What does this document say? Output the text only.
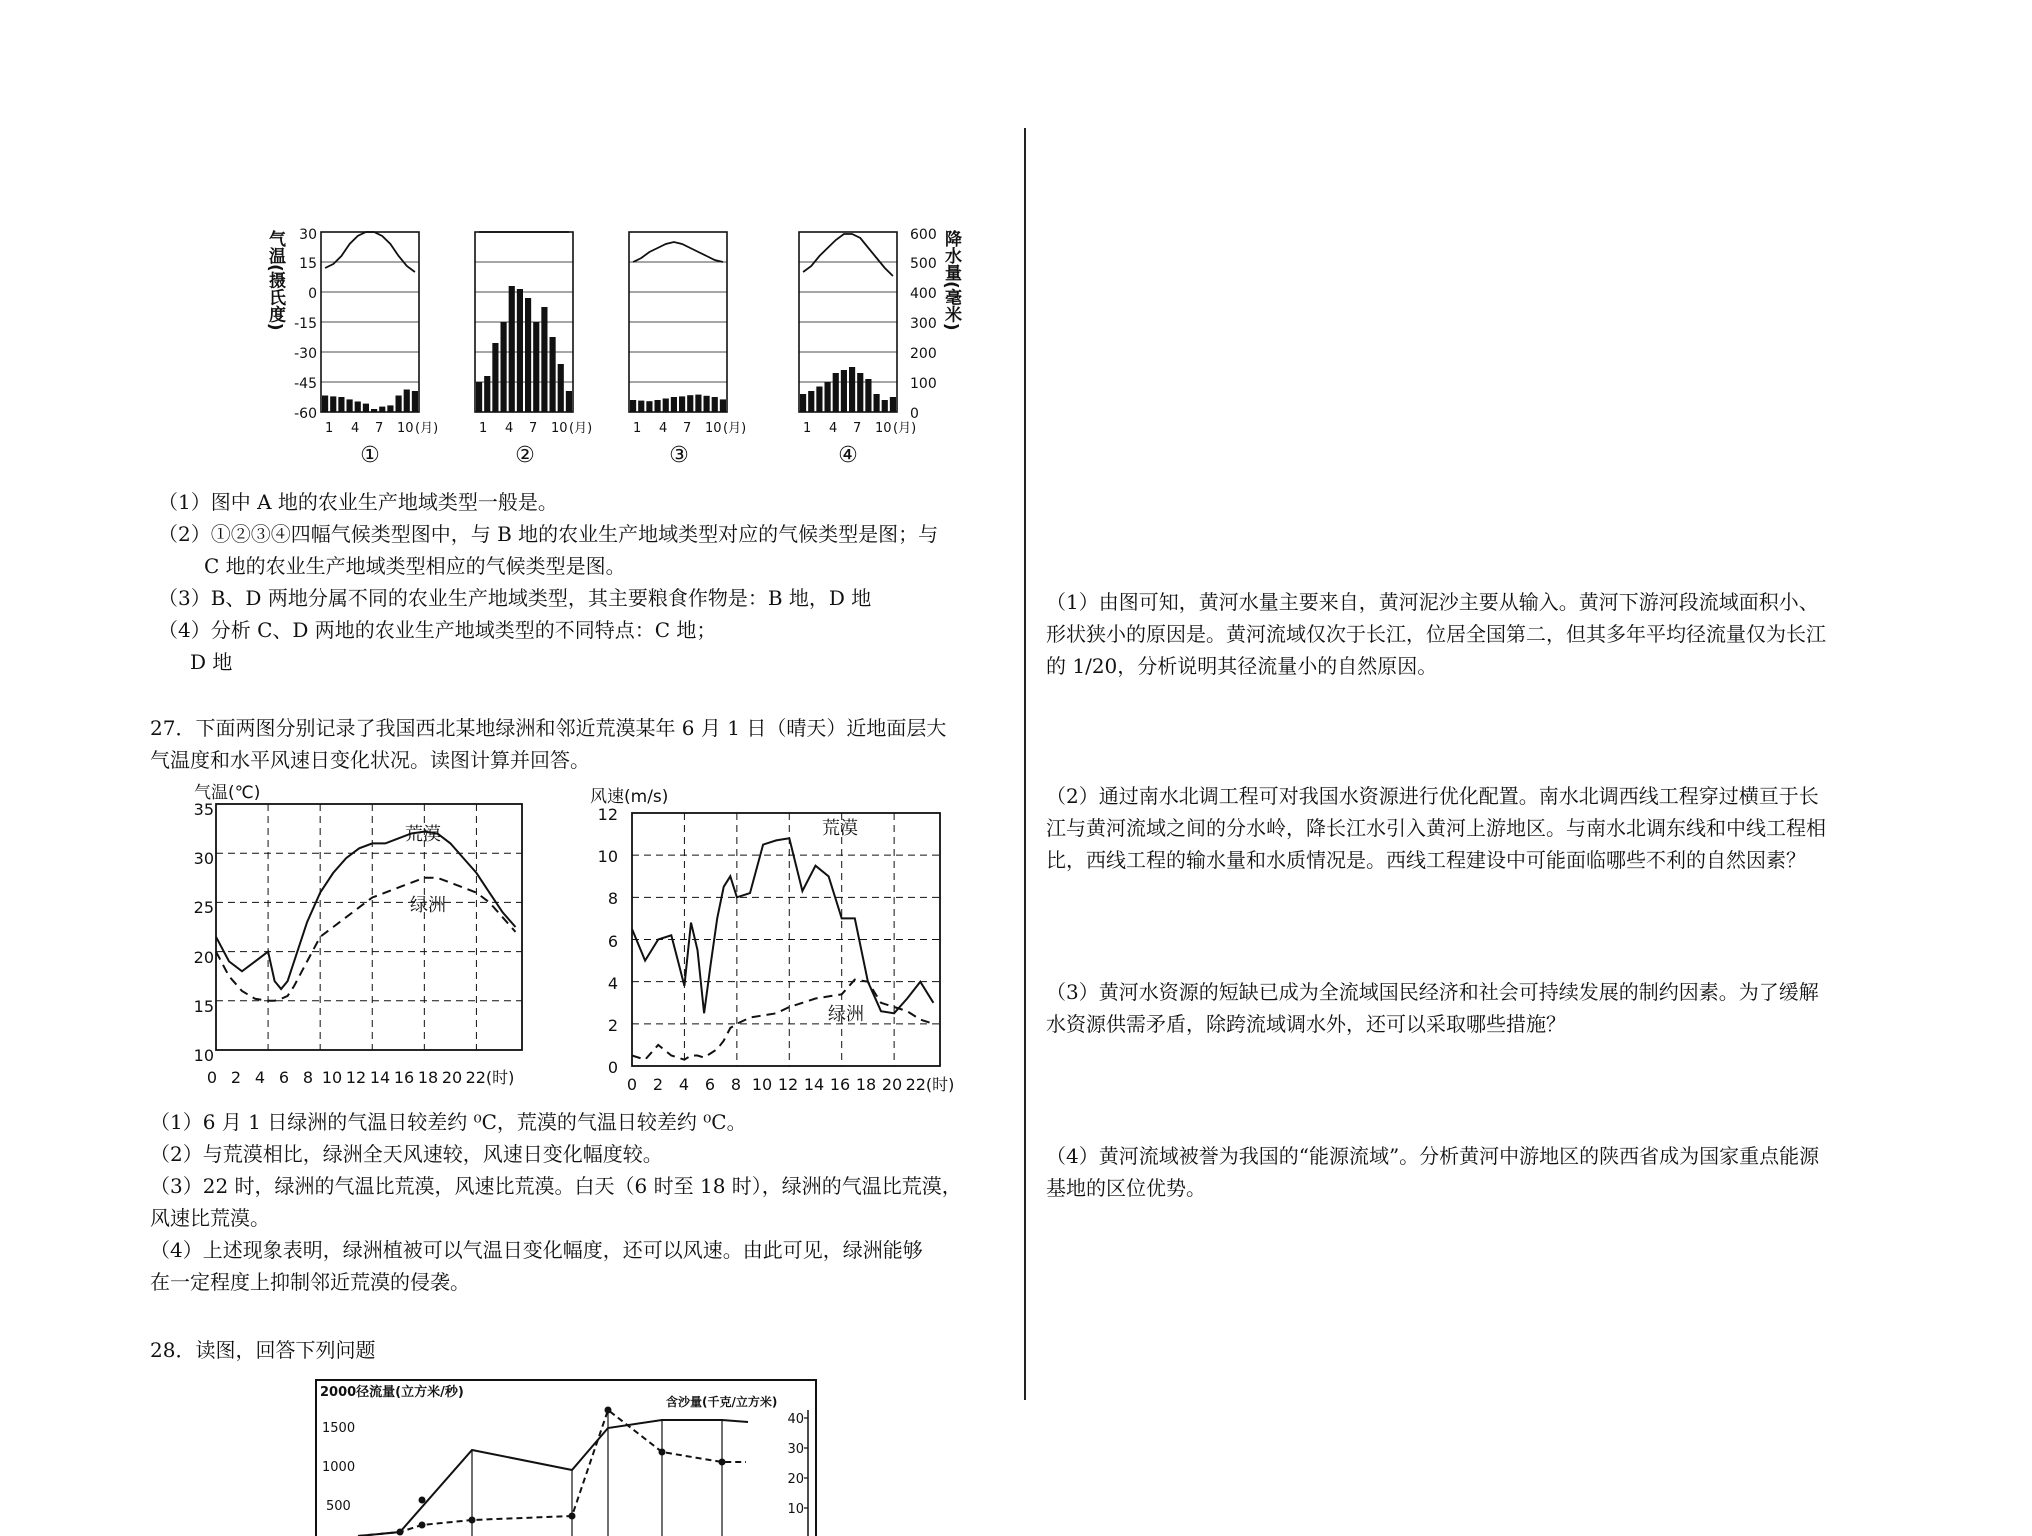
气温(摄氏度)	降水量(毫米)
30
15
0
-15
-30
-45
-60
600
500
400
300
200
100
0
1 4 7 10 (月)	1 4 7 10 (月)	1 4 7 10 (月)	1 4 7 10 (月)
①	②	③	④
（1）图中 A 地的农业生产地域类型一般是。
（2）①②③④四幅气候类型图中，与 B 地的农业生产地域类型对应的气候类型是图；与
C 地的农业生产地域类型相应的气候类型是图。
（3）B、D 两地分属不同的农业生产地域类型，其主要粮食作物是：B 地，D 地
（4）分析 C、D 两地的农业生产地域类型的不同特点：C 地；
D 地
27．下面两图分别记录了我国西北某地绿洲和邻近荒漠某年 6 月 1 日（晴天）近地面层大
气温度和水平风速日变化状况。读图计算并回答。
气温(℃)
35
30
25
20
15
10
0 2 4 6 8 10 12 14 16 18 20 22(时)
荒漠
绿洲
风速(m/s)
12
10
8
6
4
2
0
0 2 4 6 8 10 12 14 16 18 20 22(时)
荒漠
绿洲
（1）6 月 1 日绿洲的气温日较差约 ⁰C，荒漠的气温日较差约 ⁰C。
（2）与荒漠相比，绿洲全天风速较，风速日变化幅度较。
（3）22 时，绿洲的气温比荒漠，风速比荒漠。白天（6 时至 18 时），绿洲的气温比荒漠，
风速比荒漠。
（4）上述现象表明，绿洲植被可以气温日变化幅度，还可以风速。由此可见，绿洲能够
在一定程度上抑制邻近荒漠的侵袭。
28．读图，回答下列问题
2000径流量(立方米/秒)
含沙量(千克/立方米)
1500
1000
500
40
30
20
10
（1）由图可知，黄河水量主要来自，黄河泥沙主要从输入。黄河下游河段流域面积小、
形状狭小的原因是。黄河流域仅次于长江，位居全国第二，但其多年平均径流量仅为长江
的 1/20，分析说明其径流量小的自然原因。
（2）通过南水北调工程可对我国水资源进行优化配置。南水北调西线工程穿过横亘于长
江与黄河流域之间的分水岭，降长江水引入黄河上游地区。与南水北调东线和中线工程相
比，西线工程的输水量和水质情况是。西线工程建设中可能面临哪些不利的自然因素？
（3）黄河水资源的短缺已成为全流域国民经济和社会可持续发展的制约因素。为了缓解
水资源供需矛盾，除跨流域调水外，还可以采取哪些措施？
（4）黄河流域被誉为我国的“能源流域”。分析黄河中游地区的陕西省成为国家重点能源
基地的区位优势。
